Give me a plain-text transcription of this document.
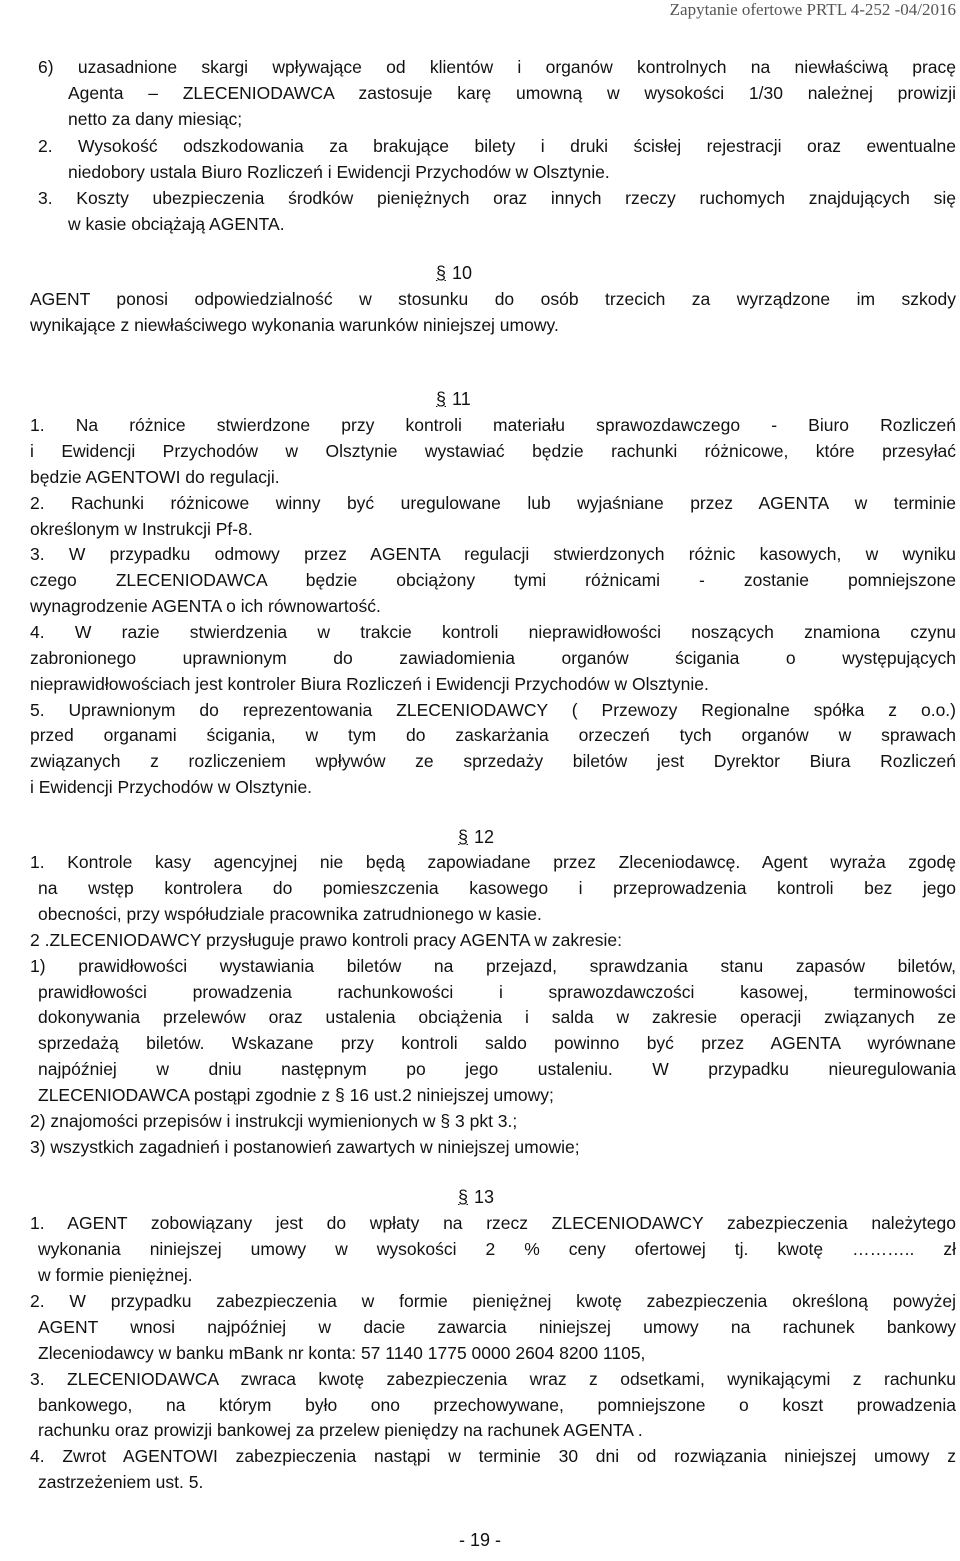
Zapytanie ofertowe PRTL 4-252 -04/2016
6) uzasadnione skargi wpływające od klientów i organów kontrolnych na niewłaściwą pracę
Agenta – ZLECENIODAWCA zastosuje karę umowną w wysokości 1/30 należnej prowizji
netto za dany miesiąc;
2. Wysokość odszkodowania za brakujące bilety i druki ścisłej rejestracji oraz ewentualne
niedobory ustala Biuro Rozliczeń i Ewidencji Przychodów w Olsztynie.
3. Koszty ubezpieczenia środków pieniężnych oraz innych rzeczy ruchomych znajdujących się
w kasie obciążają AGENTA.
§ 10
AGENT ponosi odpowiedzialność w stosunku do osób trzecich za wyrządzone im szkody
wynikające z niewłaściwego wykonania warunków niniejszej umowy.
§ 11
1. Na różnice stwierdzone przy kontroli materiału sprawozdawczego - Biuro Rozliczeń
i Ewidencji Przychodów w Olsztynie wystawiać będzie rachunki różnicowe, które przesyłać
będzie AGENTOWI do regulacji.
2. Rachunki różnicowe winny być uregulowane lub wyjaśniane przez AGENTA w terminie
określonym w Instrukcji Pf-8.
3. W przypadku odmowy przez AGENTA regulacji stwierdzonych różnic kasowych, w wyniku
czego ZLECENIODAWCA będzie obciążony tymi różnicami - zostanie pomniejszone
wynagrodzenie AGENTA o ich równowartość.
4. W razie stwierdzenia w trakcie kontroli nieprawidłowości noszących znamiona czynu
zabronionego uprawnionym do zawiadomienia organów ścigania o występujących
nieprawidłowościach jest kontroler Biura Rozliczeń i Ewidencji Przychodów w Olsztynie.
5. Uprawnionym do reprezentowania ZLECENIODAWCY ( Przewozy Regionalne spółka z o.o.)
przed organami ścigania, w tym do zaskarżania orzeczeń tych organów w sprawach
związanych z rozliczeniem wpływów ze sprzedaży biletów jest Dyrektor Biura Rozliczeń
i Ewidencji Przychodów w Olsztynie.
§ 12
1. Kontrole kasy agencyjnej nie będą zapowiadane przez Zleceniodawcę. Agent wyraża zgodę
na wstęp kontrolera do pomieszczenia kasowego i przeprowadzenia kontroli bez jego
obecności, przy współudziale pracownika zatrudnionego w kasie.
2 .ZLECENIODAWCY przysługuje prawo kontroli pracy AGENTA w zakresie:
1) prawidłowości wystawiania biletów na przejazd, sprawdzania stanu zapasów biletów,
prawidłowości prowadzenia rachunkowości i sprawozdawczości kasowej, terminowości
dokonywania przelewów oraz ustalenia obciążenia i salda w zakresie operacji związanych ze
sprzedażą biletów. Wskazane przy kontroli saldo powinno być przez AGENTA wyrównane
najpóźniej w dniu następnym po jego ustaleniu. W przypadku nieuregulowania
ZLECENIODAWCA postąpi zgodnie z § 16 ust.2 niniejszej umowy;
2) znajomości przepisów i instrukcji wymienionych w § 3 pkt 3.;
3) wszystkich zagadnień i postanowień zawartych w niniejszej umowie;
§ 13
1. AGENT zobowiązany jest do wpłaty na rzecz ZLECENIODAWCY zabezpieczenia należytego
wykonania niniejszej umowy w wysokości 2 % ceny ofertowej tj. kwotę ……….. zł
w formie pieniężnej.
2. W przypadku zabezpieczenia w formie pieniężnej kwotę zabezpieczenia określoną powyżej
AGENT wnosi najpóźniej w dacie zawarcia niniejszej umowy na rachunek bankowy
Zleceniodawcy w banku mBank nr konta: 57 1140 1775 0000 2604 8200 1105,
3. ZLECENIODAWCA zwraca kwotę zabezpieczenia wraz z odsetkami, wynikającymi z rachunku
bankowego, na którym było ono przechowywane, pomniejszone o koszt prowadzenia
rachunku oraz prowizji bankowej za przelew pieniędzy na rachunek AGENTA .
4. Zwrot AGENTOWI zabezpieczenia nastąpi w terminie 30 dni od rozwiązania niniejszej umowy z
zastrzeżeniem ust. 5.
- 19 -
